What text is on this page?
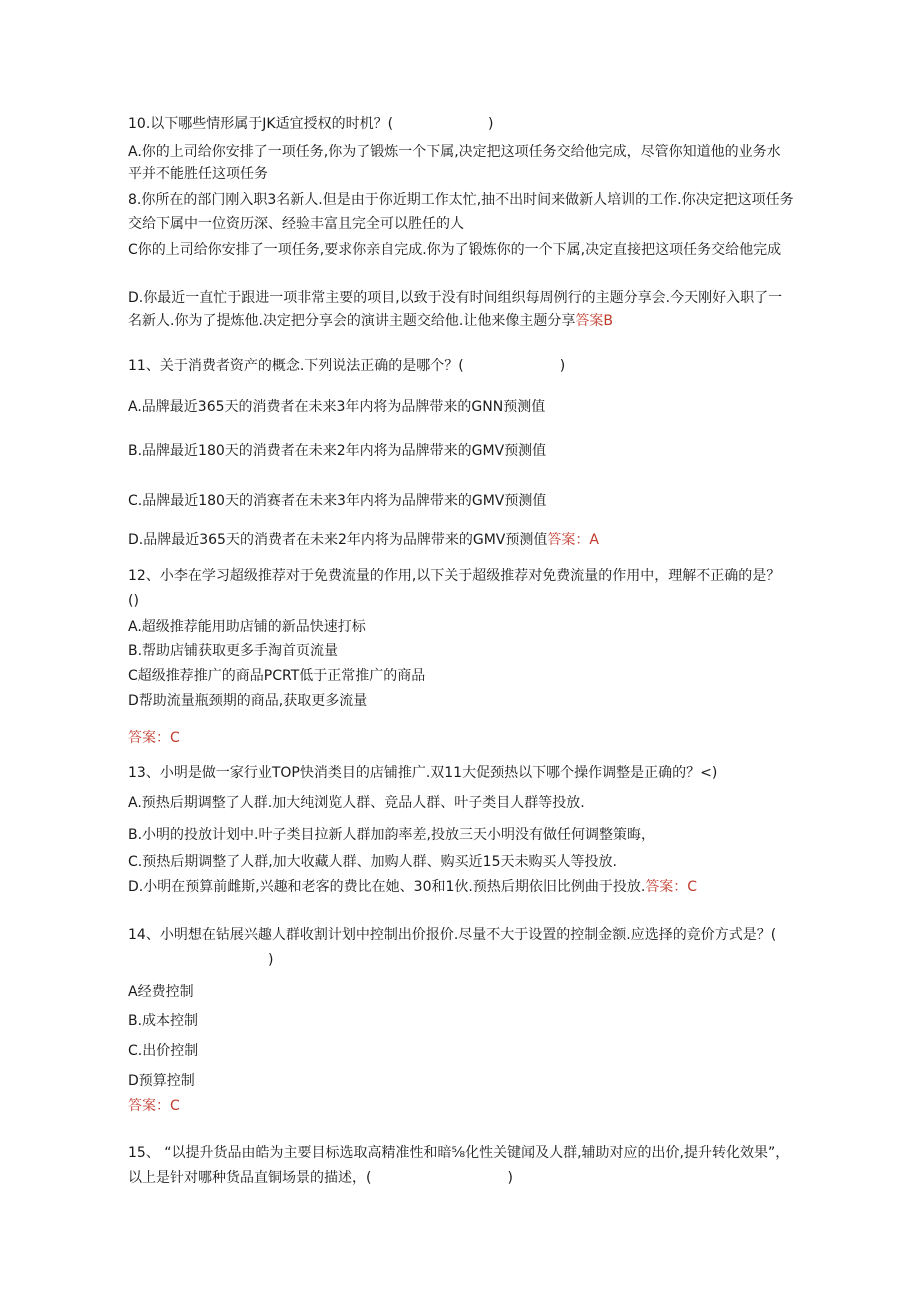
10.以下哪些情形属于JK适宜授权的时机？(	)
A.你的上司给你安排了一项任务,你为了锻炼一个下属,决定把这项任务交给他完成，尽管你知道他的业务水
平并不能胜任这项任务
8.你所在的部门刚入职3名新人.但是由于你近期工作太忙,抽不出时间来做新人培训的工作.你决定把这项任务
交给下属中一位资历深、经验丰富且完全可以胜任的人
C你的上司给你安排了一项任务,要求你亲自完成.你为了锻炼你的一个下属,决定直接把这项任务交给他完成
D.你最近一直忙于跟进一项非常主要的项目,以致于没有时间组织每周例行的主题分享会.今天刚好入职了一
名新人.你为了提炼他.决定把分享会的演讲主题交给他.让他来像主题分享答案B
11、关于消费者资产的概念.下列说法正确的是哪个？(	)
A.品牌最近365天的消费者在未来3年内将为品牌带来的GNN预测值
B.品牌最近180天的消费者在未来2年内将为品牌带来的GMV预测值
C.品牌最近180天的消赛者在未来3年内将为品牌带来的GMV预测值
D.品牌最近365天的消费者在未来2年内将为品牌带来的GMV预测值答案：A
12、小李在学习超级推荐对于免费流量的作用,以下关于超级推荐对免费流量的作用中，理解不正确的是？
()
A.超级推荐能用助店铺的新品快速打标
B.帮助店铺获取更多手淘首页流量
C超级推荐推广的商品PCRT低于正常推广的商品
D帮助流量瓶颈期的商品,获取更多流量
答案：C
13、小明是做一家行业TOP快消类目的店铺推广.双11大促颈热以下哪个操作调整是正确的？<)
A.预热后期调整了人群.加大纯浏览人群、竞品人群、叶子类目人群等投放.
B.小明的投放计划中.叶子类目拉新人群加韵率差,投放三天小明没有做任何调整策晦，
C.预热后期调整了人群,加大收藏人群、加购人群、购买近15天未购买人等投放.
D.小明在预算前雌斯,兴趣和老客的费比在她、30和1伙.预热后期依旧比例曲于投放.答案：C
14、小明想在钻展兴趣人群收割计划中控制出价报价.尽量不大于设置的控制金额.应选择的竞价方式是？(
)
A经费控制
B.成本控制
C.出价控制
D预算控制
答案：C
15、 “以提升货品由皓为主要目标选取高精准性和暗⅝化性关键闻及人群,辅助对应的出价,提升转化效果”，
以上是针对哪种货品直铜场景的描述，(	)
